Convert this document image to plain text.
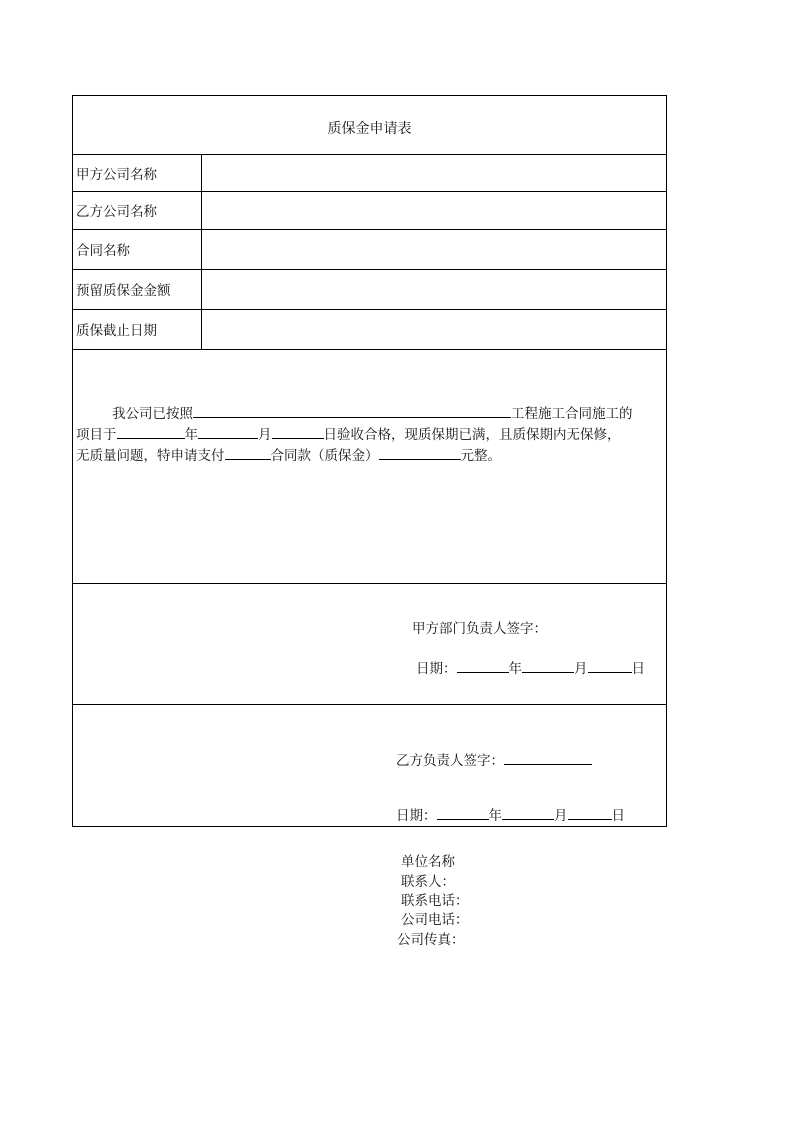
质保金申请表
甲方公司名称
乙方公司名称
合同名称
预留质保金金额
质保截止日期
我公司已按照	工程施工合同施工的
项目于	年	月	日验收合格，现质保期已满，且质保期内无保修，
无质量问题，特申请支付	合同款（质保金）	元整。
甲方部门负责人签字：
日期：	年	月	日
乙方负责人签字：
日期：	年	月	日
单位名称
联系人：
联系电话：
公司电话：
公司传真：
